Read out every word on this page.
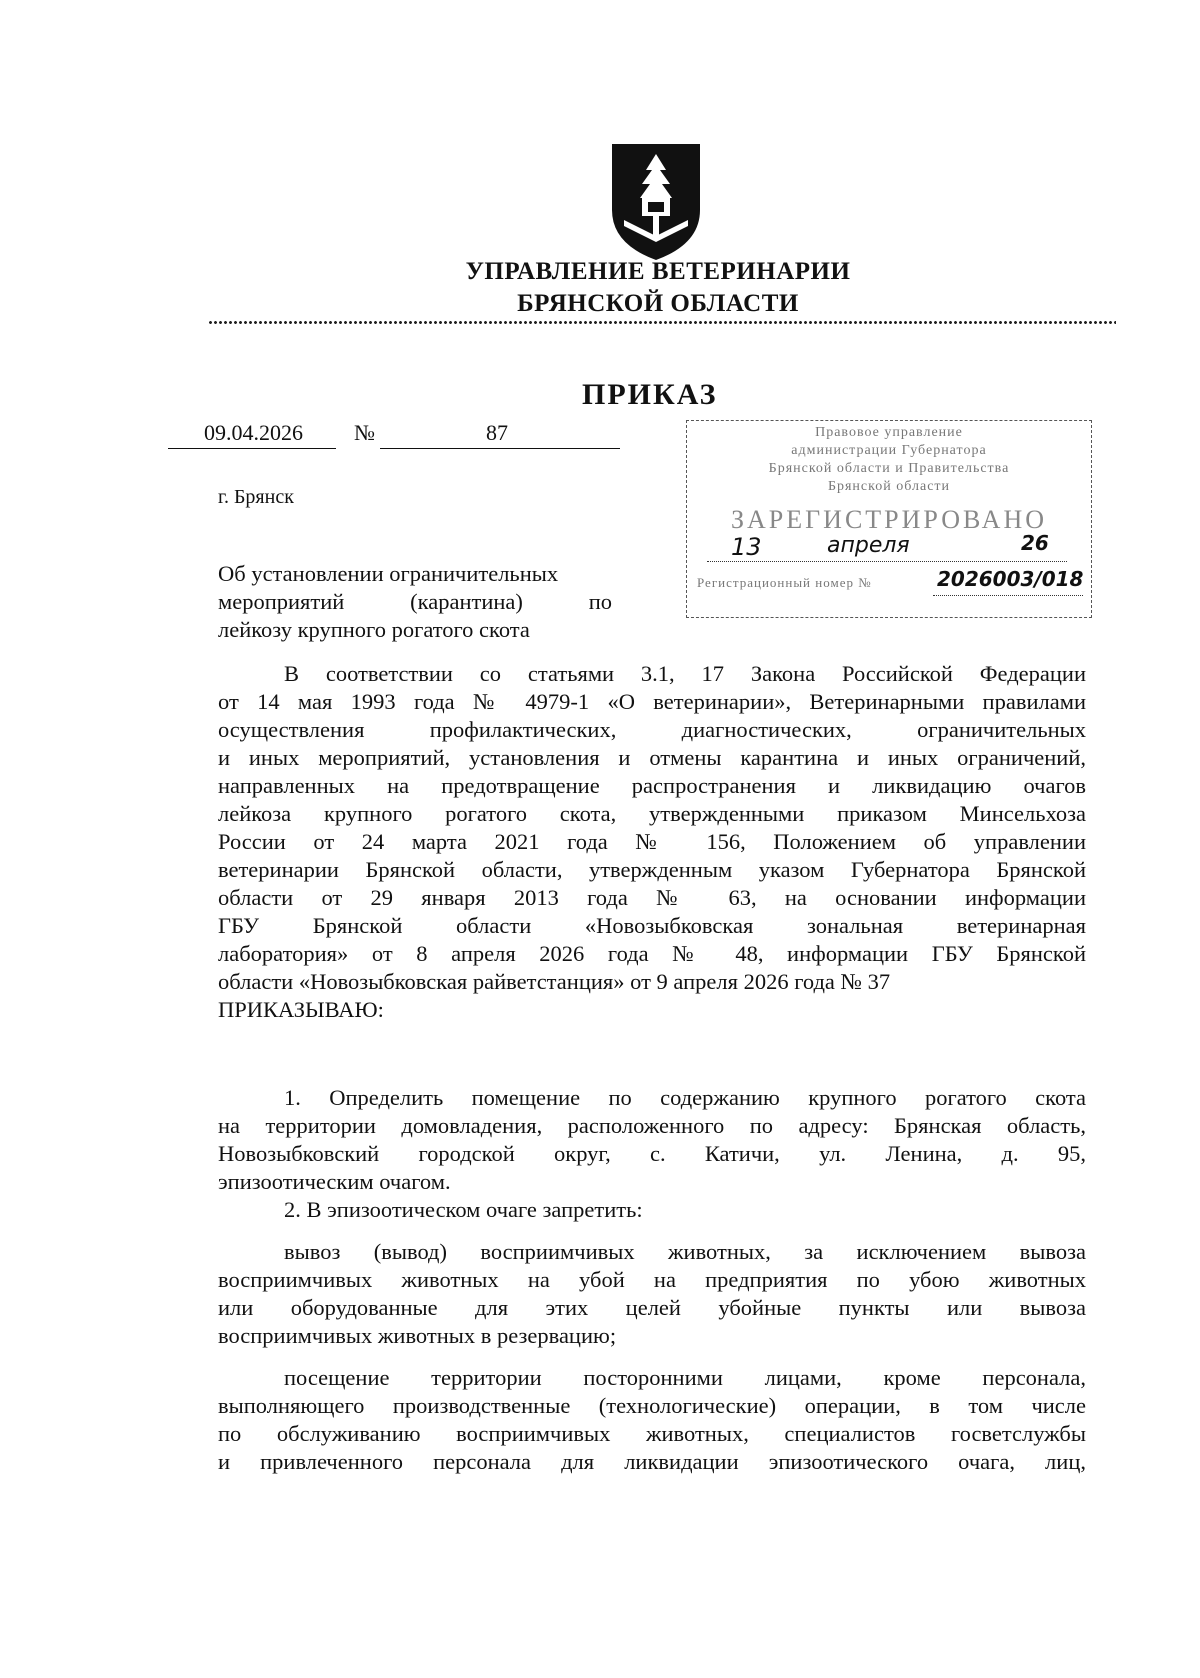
УПРАВЛЕНИЕ ВЕТЕРИНАРИИ
БРЯНСКОЙ ОБЛАСТИ
ПРИКАЗ
09.04.2026 №	87
г. Брянск
Об установлении ограничительных
мероприятий (карантина) по
лейкозу крупного рогатого скота
Правовое управление
администрации Губернатора
Брянской области и Правительства
Брянской области
ЗАРЕГИСТРИРОВАНО
13	апреля	26
Регистрационный номер №	2026003/018
В соответствии со статьями 3.1, 17 Закона Российской Федерации
от 14 мая 1993 года № 4979-1 «О ветеринарии», Ветеринарными правилами
осуществления профилактических, диагностических, ограничительных
и иных мероприятий, установления и отмены карантина и иных ограничений,
направленных на предотвращение распространения и ликвидацию очагов
лейкоза крупного рогатого скота, утвержденными приказом Минсельхоза
России от 24 марта 2021 года № 156, Положением об управлении
ветеринарии Брянской области, утвержденным указом Губернатора Брянской
области от 29 января 2013 года № 63, на основании информации
ГБУ Брянской области «Новозыбковская зональная ветеринарная
лаборатория» от 8 апреля 2026 года № 48, информации ГБУ Брянской
области «Новозыбковская райветстанция» от 9 апреля 2026 года № 37
ПРИКАЗЫВАЮ:
1. Определить помещение по содержанию крупного рогатого скота
на территории домовладения, расположенного по адресу: Брянская область,
Новозыбковский городской округ, с. Катичи, ул. Ленина, д. 95,
эпизоотическим очагом.
2. В эпизоотическом очаге запретить:
вывоз (вывод) восприимчивых животных, за исключением вывоза
восприимчивых животных на убой на предприятия по убою животных
или оборудованные для этих целей убойные пункты или вывоза
восприимчивых животных в резервацию;
посещение территории посторонними лицами, кроме персонала,
выполняющего производственные (технологические) операции, в том числе
по обслуживанию восприимчивых животных, специалистов госветслужбы
и привлеченного персонала для ликвидации эпизоотического очага, лиц,
